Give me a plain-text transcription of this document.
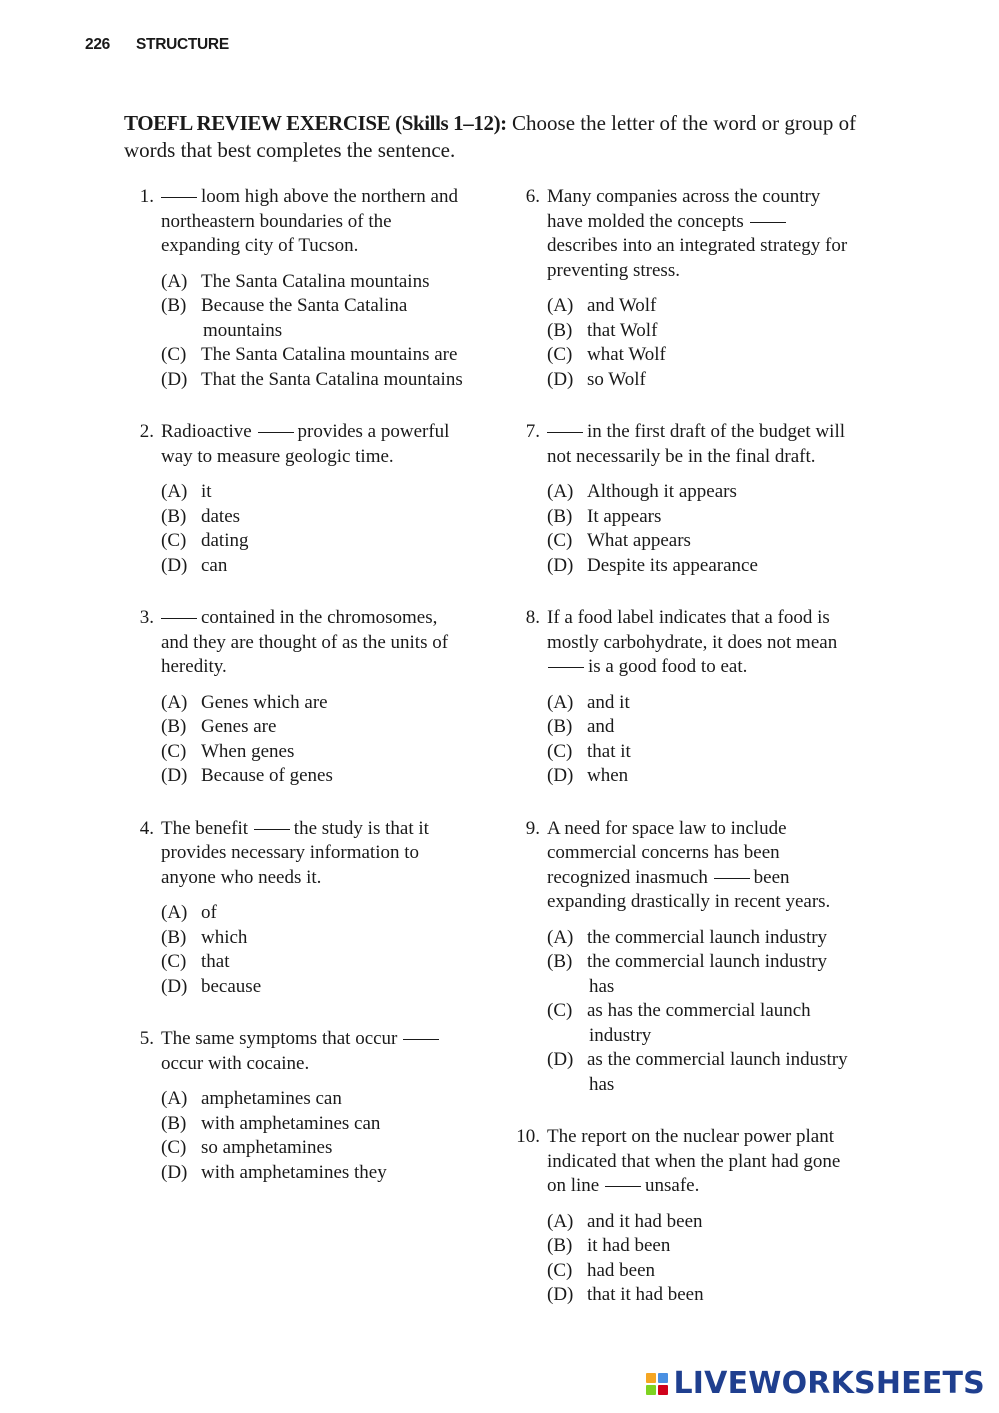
226 STRUCTURE
TOEFL REVIEW EXERCISE (Skills 1–12): Choose the letter of the word or group of words that best completes the sentence.
1 .	loom high above the northern and northeastern boundaries of the expanding city of Tucson.
(A) The Santa Catalina mountains
(B) Because the Santa Catalina mountains
(C) The Santa Catalina mountains are
(D) That the Santa Catalina mountains
2 . Radioactive provides a powerful way to measure geologic time.
(A) it
(B) dates
(C) dating
(D) can
3 .	contained in the chromosomes, and they are thought of as the units of heredity.
(A) Genes which are
(B) Genes are
(C) When genes
(D) Because of genes
4 . The benefit the study is that it provides necessary information to anyone who needs it.
(A) of
(B) which
(C) that
(D) because
5 . The same symptoms that occur occur with cocaine.
(A) amphetamines can
(B) with amphetamines can
(C) so amphetamines
(D) with amphetamines they
6 . Many companies across the country have molded the concepts describes into an integrated strategy for preventing stress.
(A) and Wolf
(B) that Wolf
(C) what Wolf
(D) so Wolf
7 .	in the first draft of the budget will not necessarily be in the final draft.
(A) Although it appears
(B) It appears
(C) What appears
(D) Despite its appearance
8 . If a food label indicates that a food is mostly carbohydrate, it does not mean is a good food to eat.
(A) and it
(B) and
(C) that it
(D) when
9 . A need for space law to include commercial concerns has been recognized inasmuch been expanding drastically in recent years.
(A) the commercial launch industry
(B) the commercial launch industry has
(C) as has the commercial launch industry
(D) as the commercial launch industry has
10 . The report on the nuclear power plant indicated that when the plant had gone on line unsafe.
(A) and it had been
(B) it had been
(C) had been
(D) that it had been
LIVEWORKSHEETS
